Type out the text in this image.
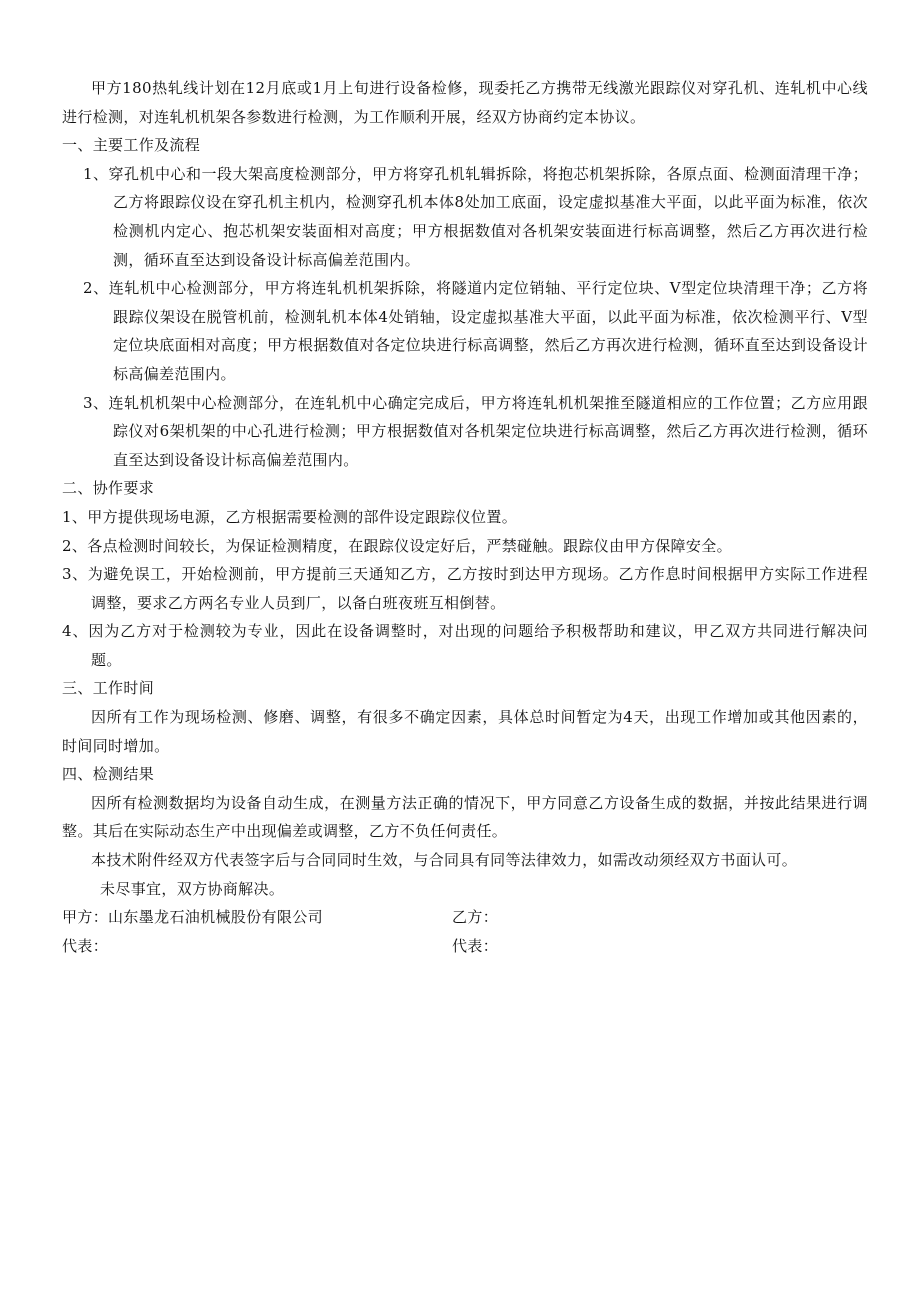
甲方180热轧线计划在12月底或1月上旬进行设备检修，现委托乙方携带无线激光跟踪仪对穿孔机、连轧机中心线进行检测，对连轧机机架各参数进行检测，为工作顺利开展，经双方协商约定本协议。

一、主要工作及流程

1、穿孔机中心和一段大架高度检测部分，甲方将穿孔机轧辑拆除，将抱芯机架拆除，各原点面、检测面清理干净；乙方将跟踪仪设在穿孔机主机内，检测穿孔机本体8处加工底面，设定虚拟基准大平面，以此平面为标准，依次检测机内定心、抱芯机架安装面相对高度；甲方根据数值对各机架安装面进行标高调整，然后乙方再次进行检测，循环直至达到设备设计标高偏差范围内。

2、连轧机中心检测部分，甲方将连轧机机架拆除，将隧道内定位销轴、平行定位块、V型定位块清理干净；乙方将跟踪仪架设在脱管机前，检测轧机本体4处销轴，设定虚拟基准大平面，以此平面为标准，依次检测平行、V型定位块底面相对高度；甲方根据数值对各定位块进行标高调整，然后乙方再次进行检测，循环直至达到设备设计标高偏差范围内。

3、连轧机机架中心检测部分，在连轧机中心确定完成后，甲方将连轧机机架推至隧道相应的工作位置；乙方应用跟踪仪对6架机架的中心孔进行检测；甲方根据数值对各机架定位块进行标高调整，然后乙方再次进行检测，循环直至达到设备设计标高偏差范围内。

二、协作要求

1、甲方提供现场电源，乙方根据需要检测的部件设定跟踪仪位置。

2、各点检测时间较长，为保证检测精度，在跟踪仪设定好后，严禁碰触。跟踪仪由甲方保障安全。

3、为避免误工，开始检测前，甲方提前三天通知乙方，乙方按时到达甲方现场。乙方作息时间根据甲方实际工作进程调整，要求乙方两名专业人员到厂，以备白班夜班互相倒替。

4、因为乙方对于检测较为专业，因此在设备调整时，对出现的问题给予积极帮助和建议，甲乙双方共同进行解决问题。

三、工作时间

因所有工作为现场检测、修磨、调整，有很多不确定因素，具体总时间暂定为4天，出现工作增加或其他因素的，时间同时增加。

四、检测结果

因所有检测数据均为设备自动生成，在测量方法正确的情况下，甲方同意乙方设备生成的数据，并按此结果进行调整。其后在实际动态生产中出现偏差或调整，乙方不负任何责任。

本技术附件经双方代表签字后与合同同时生效，与合同具有同等法律效力，如需改动须经双方书面认可。

未尽事宜，双方协商解决。

甲方：山东墨龙石油机械股份有限公司	乙方：
代表：	代表：
